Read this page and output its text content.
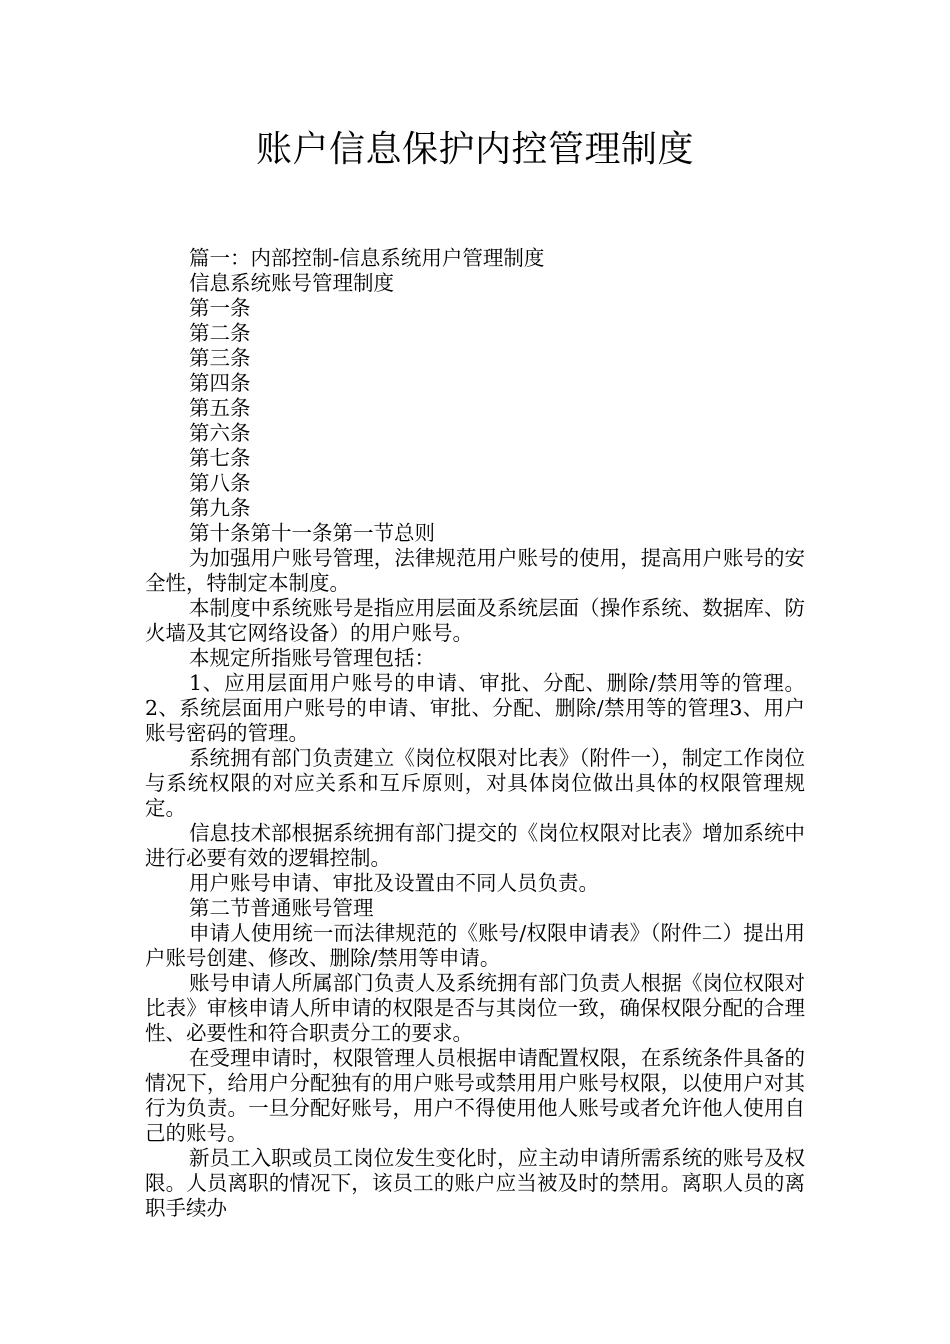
账户信息保护内控管理制度
篇一：内部控制-信息系统用户管理制度
信息系统账号管理制度
第一条
第二条
第三条
第四条
第五条
第六条
第七条
第八条
第九条
第十条第十一条第一节总则

为加强用户账号管理，法律规范用户账号的使用，提高用户账号的安全性，特制定本制度。

本制度中系统账号是指应用层面及系统层面（操作系统、数据库、防火墙及其它网络设备）的用户账号。

本规定所指账号管理包括：

1、应用层面用户账号的申请、审批、分配、删除/禁用等的管理。2、系统层面用户账号的申请、审批、分配、删除/禁用等的管理3、用户账号密码的管理。

系统拥有部门负责建立《岗位权限对比表》（附件一），制定工作岗位与系统权限的对应关系和互斥原则，对具体岗位做出具体的权限管理规定。

信息技术部根据系统拥有部门提交的《岗位权限对比表》增加系统中进行必要有效的逻辑控制。

用户账号申请、审批及设置由不同人员负责。

第二节普通账号管理

申请人使用统一而法律规范的《账号/权限申请表》（附件二）提出用户账号创建、修改、删除/禁用等申请。

账号申请人所属部门负责人及系统拥有部门负责人根据《岗位权限对比表》审核申请人所申请的权限是否与其岗位一致，确保权限分配的合理性、必要性和符合职责分工的要求。

在受理申请时，权限管理人员根据申请配置权限，在系统条件具备的情况下，给用户分配独有的用户账号或禁用用户账号权限，以使用户对其行为负责。一旦分配好账号，用户不得使用他人账号或者允许他人使用自己的账号。

新员工入职或员工岗位发生变化时，应主动申请所需系统的账号及权限。人员离职的情况下，该员工的账户应当被及时的禁用。离职人员的离职手续办
